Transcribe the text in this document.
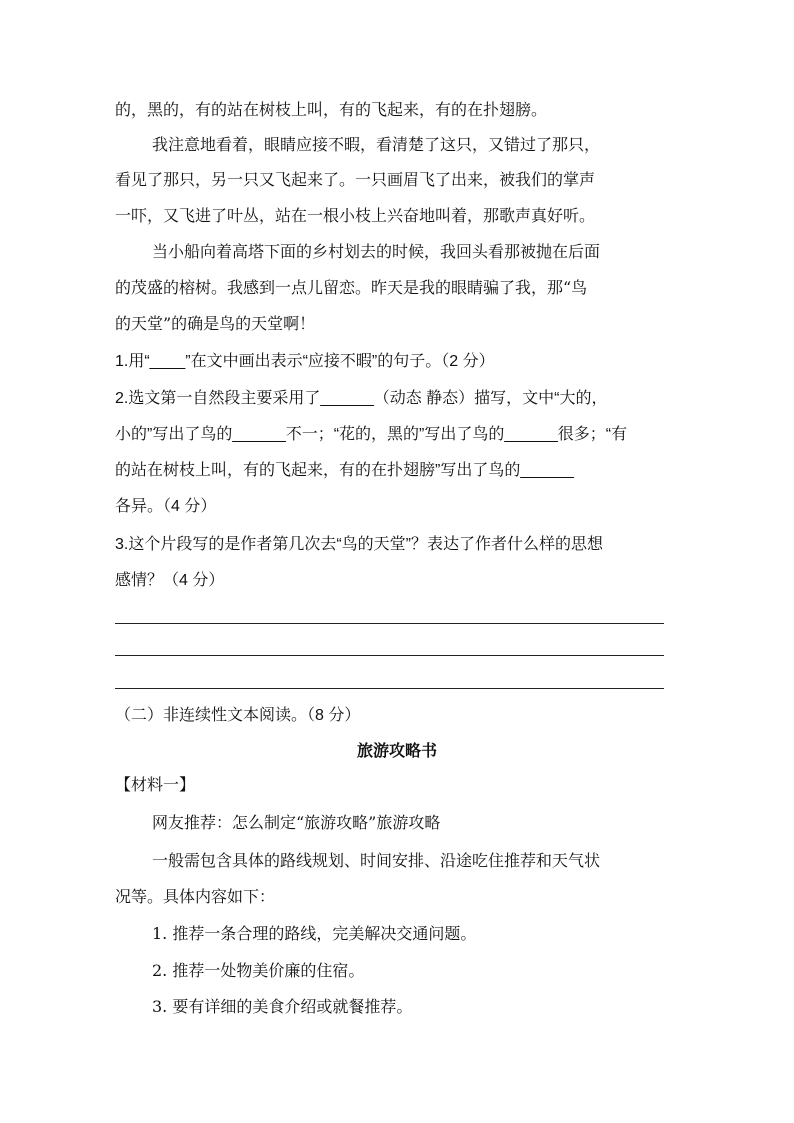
的，黑的，有的站在树枝上叫，有的飞起来，有的在扑翅膀。
我注意地看着，眼睛应接不暇，看清楚了这只，又错过了那只，
看见了那只，另一只又飞起来了。一只画眉飞了出来，被我们的掌声
一吓，又飞进了叶丛，站在一根小枝上兴奋地叫着，那歌声真好听。
当小船向着高塔下面的乡村划去的时候，我回头看那被抛在后面
的茂盛的榕树。我感到一点儿留恋。昨天是我的眼睛骗了我，那“鸟
的天堂”的确是鸟的天堂啊！
1.用“____”在文中画出表示“应接不暇”的句子。（2 分）
2.选文第一自然段主要采用了______（动态 静态）描写，文中“大的，
小的”写出了鸟的______不一；“花的，黑的”写出了鸟的______很多；“有
的站在树枝上叫，有的飞起来，有的在扑翅膀”写出了鸟的______
各异。（4 分）
3.这个片段写的是作者第几次去“鸟的天堂”？表达了作者什么样的思想
感情？（4 分）
（二）非连续性文本阅读。（8 分）
旅游攻略书
【材料一】
网友推荐：怎么制定“旅游攻略”旅游攻略
一般需包含具体的路线规划、时间安排、沿途吃住推荐和天气状
况等。具体内容如下：
1. 推荐一条合理的路线，完美解决交通问题。
2. 推荐一处物美价廉的住宿。
3. 要有详细的美食介绍或就餐推荐。
